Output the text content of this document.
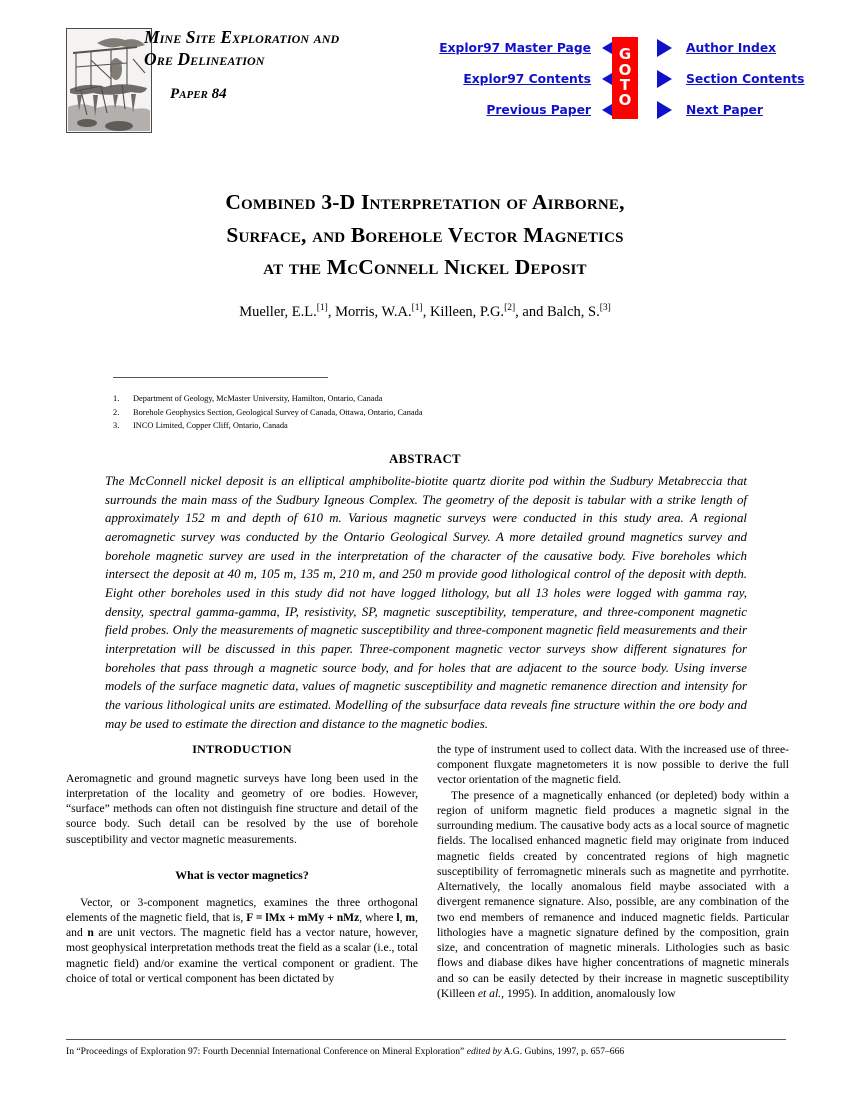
Mine Site Exploration and
Ore Delineation
Paper 84
G
O
T
O
Explor97 Master Page	Author Index
Explor97 Contents	Section Contents
Previous Paper	Next Paper
Combined 3-D Interpretation of Airborne,
Surface, and Borehole Vector Magnetics
at the McConnell Nickel Deposit
Mueller, E.L.[1], Morris, W.A.[1], Killeen, P.G.[2], and Balch, S.[3]
1.	Department of Geology, McMaster University, Hamilton, Ontario, Canada
2.	Borehole Geophysics Section, Geological Survey of Canada, Ottawa, Ontario, Canada
3.	INCO Limited, Copper Cliff, Ontario, Canada
ABSTRACT
The McConnell nickel deposit is an elliptical amphibolite-biotite quartz diorite pod within the Sudbury Metabreccia that surrounds the main mass of the Sudbury Igneous Complex. The geometry of the deposit is tabular with a strike length of approximately 152 m and depth of 610 m. Various magnetic surveys were conducted in this study area. A regional aeromagnetic survey was conducted by the Ontario Geological Survey. A more detailed ground magnetics survey and borehole magnetic survey are used in the interpretation of the character of the causative body. Five boreholes which intersect the deposit at 40 m, 105 m, 135 m, 210 m, and 250 m provide good lithological control of the deposit with depth. Eight other boreholes used in this study did not have logged lithology, but all 13 holes were logged with gamma ray, density, spectral gamma-gamma, IP, resistivity, SP, magnetic susceptibility, temperature, and three-component magnetic field probes. Only the measurements of magnetic susceptibility and three-component magnetic field measurements and their interpretation will be discussed in this paper. Three-component magnetic vector surveys show different signatures for boreholes that pass through a magnetic source body, and for holes that are adjacent to the source body. Using inverse models of the surface magnetic data, values of magnetic susceptibility and magnetic remanence direction and intensity for the various lithological units are estimated. Modelling of the subsurface data reveals fine structure within the ore body and may be used to estimate the direction and distance to the magnetic bodies.
INTRODUCTION

Aeromagnetic and ground magnetic surveys have long been used in the interpretation of the locality and geometry of ore bodies. However, “surface” methods can often not distinguish fine structure and detail of the source body. Such detail can be resolved by the use of borehole susceptibility and vector magnetic measurements.

What is vector magnetics?

Vector, or 3-component magnetics, examines the three orthogonal elements of the magnetic field, that is, F = lMx + mMy + nMz, where l, m, and n are unit vectors. The magnetic field has a vector nature, however, most geophysical interpretation methods treat the field as a scalar (i.e., total magnetic field) and/or examine the vertical component or gradient. The choice of total or vertical component has been dictated by

the type of instrument used to collect data. With the increased use of three-component fluxgate magnetometers it is now possible to derive the full vector orientation of the magnetic field.

The presence of a magnetically enhanced (or depleted) body within a region of uniform magnetic field produces a magnetic signal in the surrounding medium. The causative body acts as a local source of magnetic fields. The localised enhanced magnetic field may originate from induced magnetic fields created by concentrated regions of high magnetic susceptibility of ferromagnetic minerals such as magnetite and pyrrhotite. Alternatively, the locally anomalous field maybe associated with a divergent remanence signature. Also, possible, are any combination of the two end members of remanence and induced magnetic fields. Particular lithologies have a magnetic signature defined by the composition, grain size, and concentration of magnetic minerals. Lithologies such as basic flows and diabase dikes have higher concentrations of magnetic minerals and so can be easily detected by their increase in magnetic susceptibility (Killeen et al., 1995). In addition, anomalously low

In “Proceedings of Exploration 97: Fourth Decennial International Conference on Mineral Exploration” edited by A.G. Gubins, 1997, p. 657–666
